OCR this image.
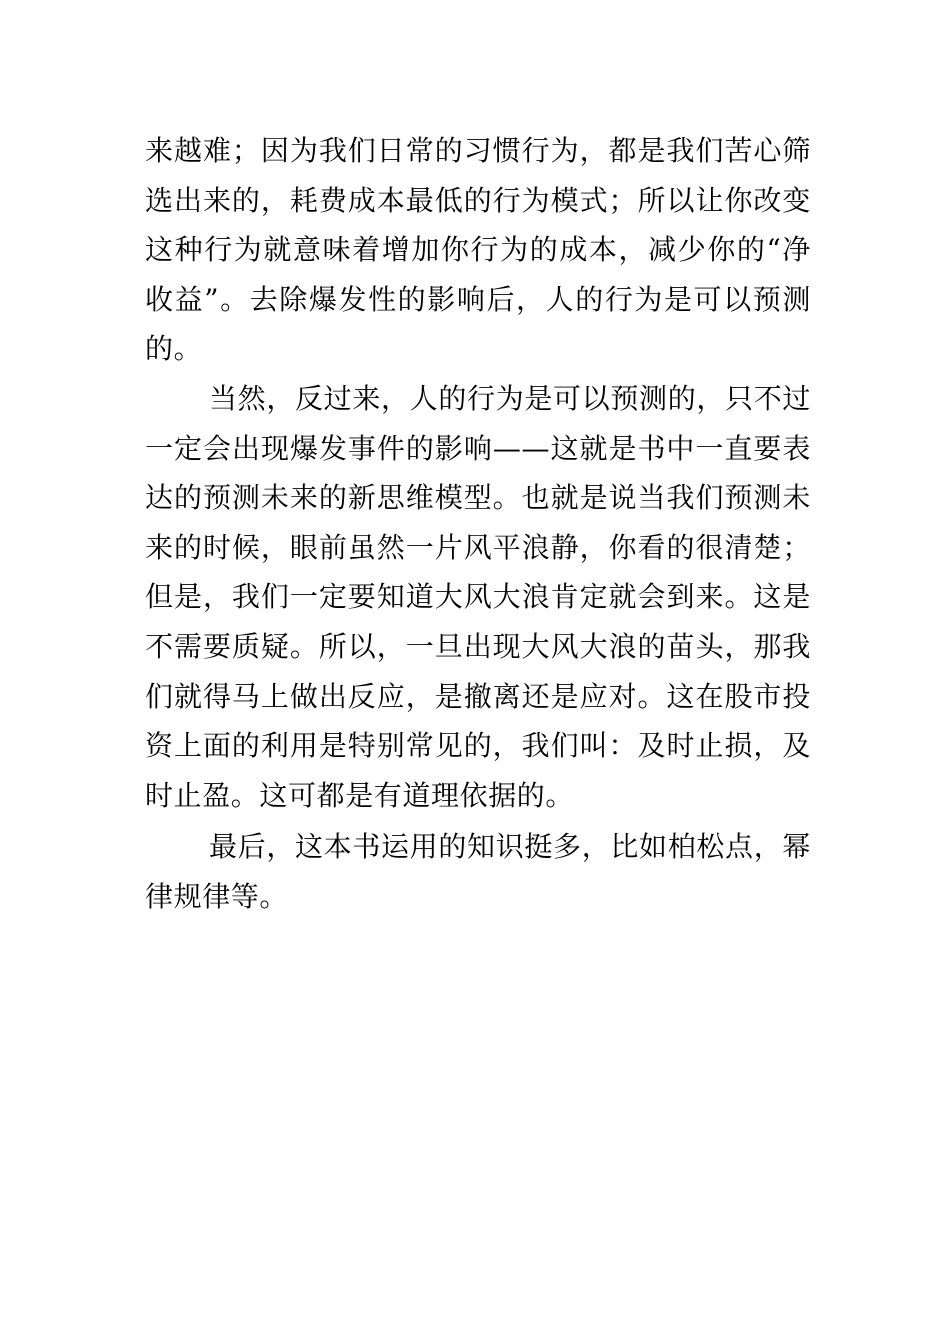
来越难；因为我们日常的习惯行为，都是我们苦心筛选出来的，耗费成本最低的行为模式；所以让你改变这种行为就意味着增加你行为的成本，减少你的“净收益”。去除爆发性的影响后，人的行为是可以预测的。

当然，反过来，人的行为是可以预测的，只不过一定会出现爆发事件的影响——这就是书中一直要表达的预测未来的新思维模型。也就是说当我们预测未来的时候，眼前虽然一片风平浪静，你看的很清楚；但是，我们一定要知道大风大浪肯定就会到来。这是不需要质疑。所以，一旦出现大风大浪的苗头，那我们就得马上做出反应，是撤离还是应对。这在股市投资上面的利用是特别常见的，我们叫：及时止损，及时止盈。这可都是有道理依据的。

最后，这本书运用的知识挺多，比如柏松点，幂律规律等。
